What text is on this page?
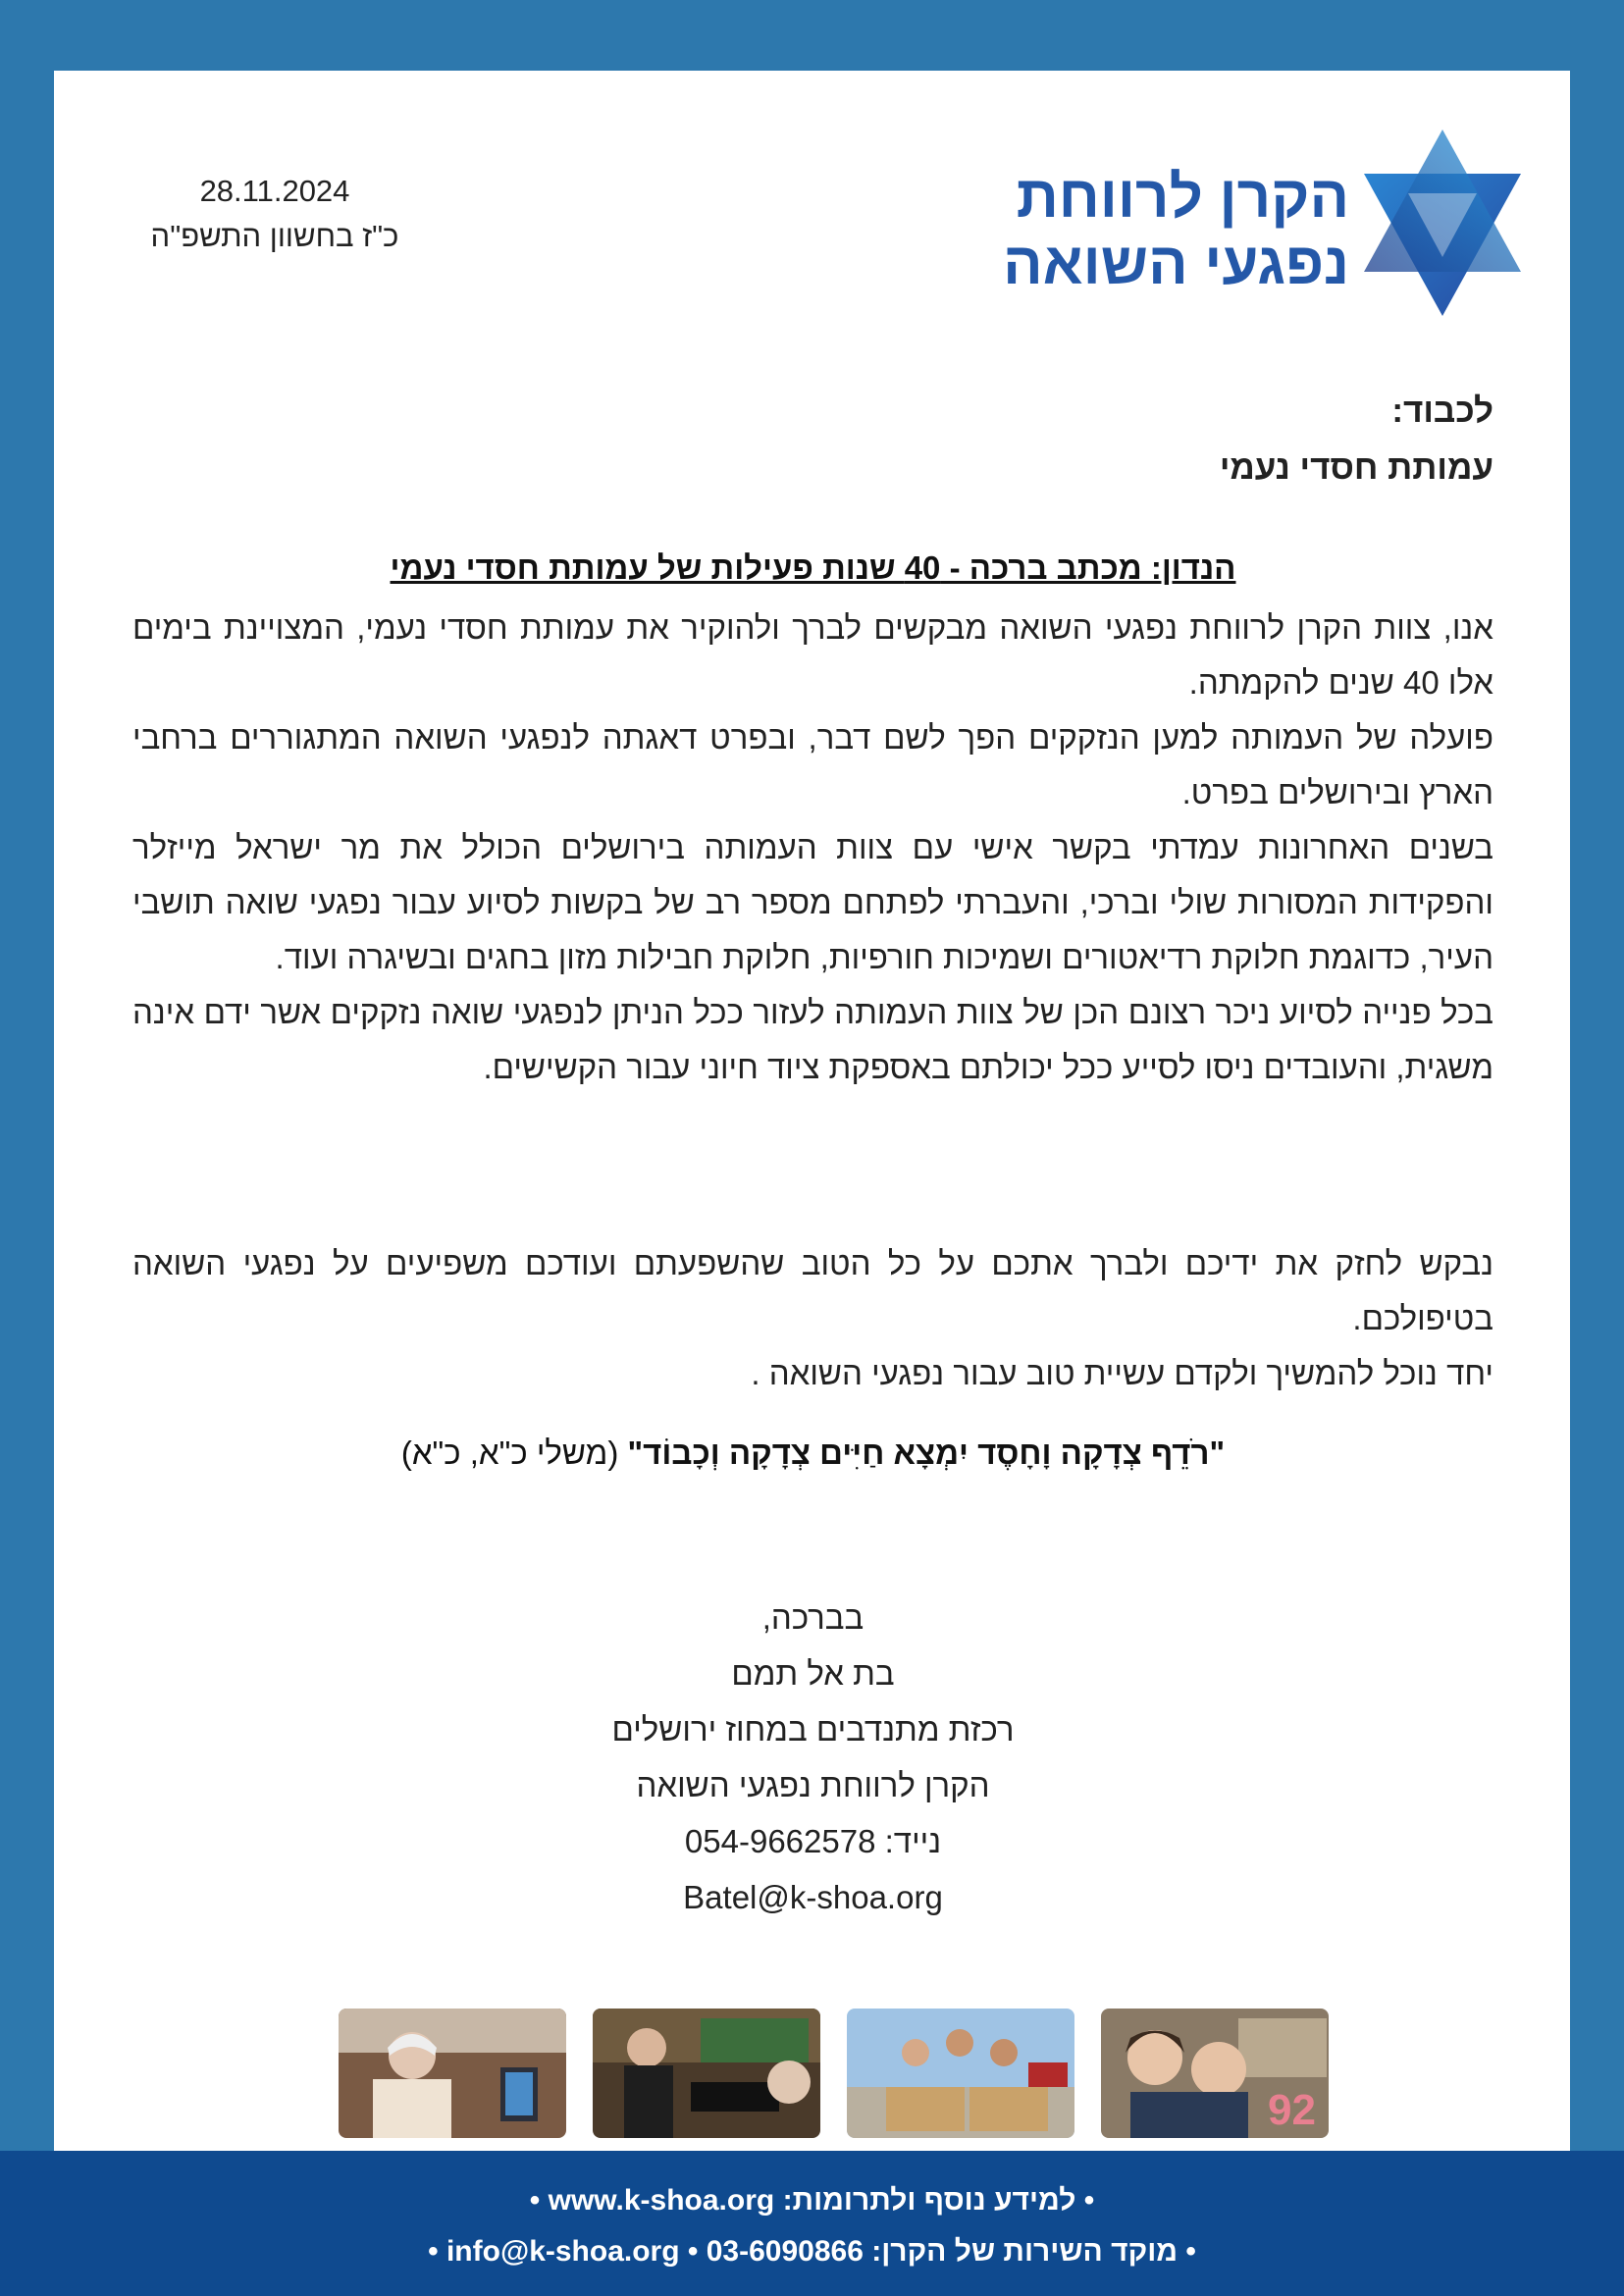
הקרן לרווחת
נפגעי השואה
28.11.2024
כ"ז בחשוון התשפ"ה
לכבוד:
עמותת חסדי נעמי
הנדון: מכתב ברכה - 40 שנות פעילות של עמותת חסדי נעמי

אנו, צוות הקרן לרווחת נפגעי השואה מבקשים לברך ולהוקיר את עמותת חסדי נעמי, המצויינת בימים אלו 40 שנים להקמתה.

פועלה של העמותה למען הנזקקים הפך לשם דבר, ובפרט דאגתה לנפגעי השואה המתגוררים ברחבי הארץ ובירושלים בפרט.

בשנים האחרונות עמדתי בקשר אישי עם צוות העמותה בירושלים הכולל את מר ישראל מייזלר והפקידות המסורות שולי וברכי, והעברתי לפתחם מספר רב של בקשות לסיוע עבור נפגעי שואה תושבי העיר, כדוגמת חלוקת רדיאטורים ושמיכות חורפיות, חלוקת חבילות מזון בחגים ובשיגרה ועוד.

בכל פנייה לסיוע ניכר רצונם הכן של צוות העמותה לעזור ככל הניתן לנפגעי שואה נזקקים אשר ידם אינה משגית, והעובדים ניסו לסייע ככל יכולתם באספקת ציוד חיוני עבור הקשישים.

נבקש לחזק את ידיכם ולברך אתכם על כל הטוב שהשפעתם ועודכם משפיעים על נפגעי השואה בטיפולכם.

יחד נוכל להמשיך ולקדם עשיית טוב עבור נפגעי השואה .

"רֹדֵף צְדָקָה וָחָסֶד יִמְצָא חַיִּים צְדָקָה וְכָבוֹד" (משלי כ"א, כ"א)
בברכה,
בת אל תמם
רכזת מתנדבים במחוז ירושלים
הקרן לרווחת נפגעי השואה
נייד: 054-9662578
Batel@k-shoa.org
92
• למידע נוסף ולתרומות: www.k-shoa.org •
• מוקד השירות של הקרן: 03-6090866 • info@k-shoa.org •
